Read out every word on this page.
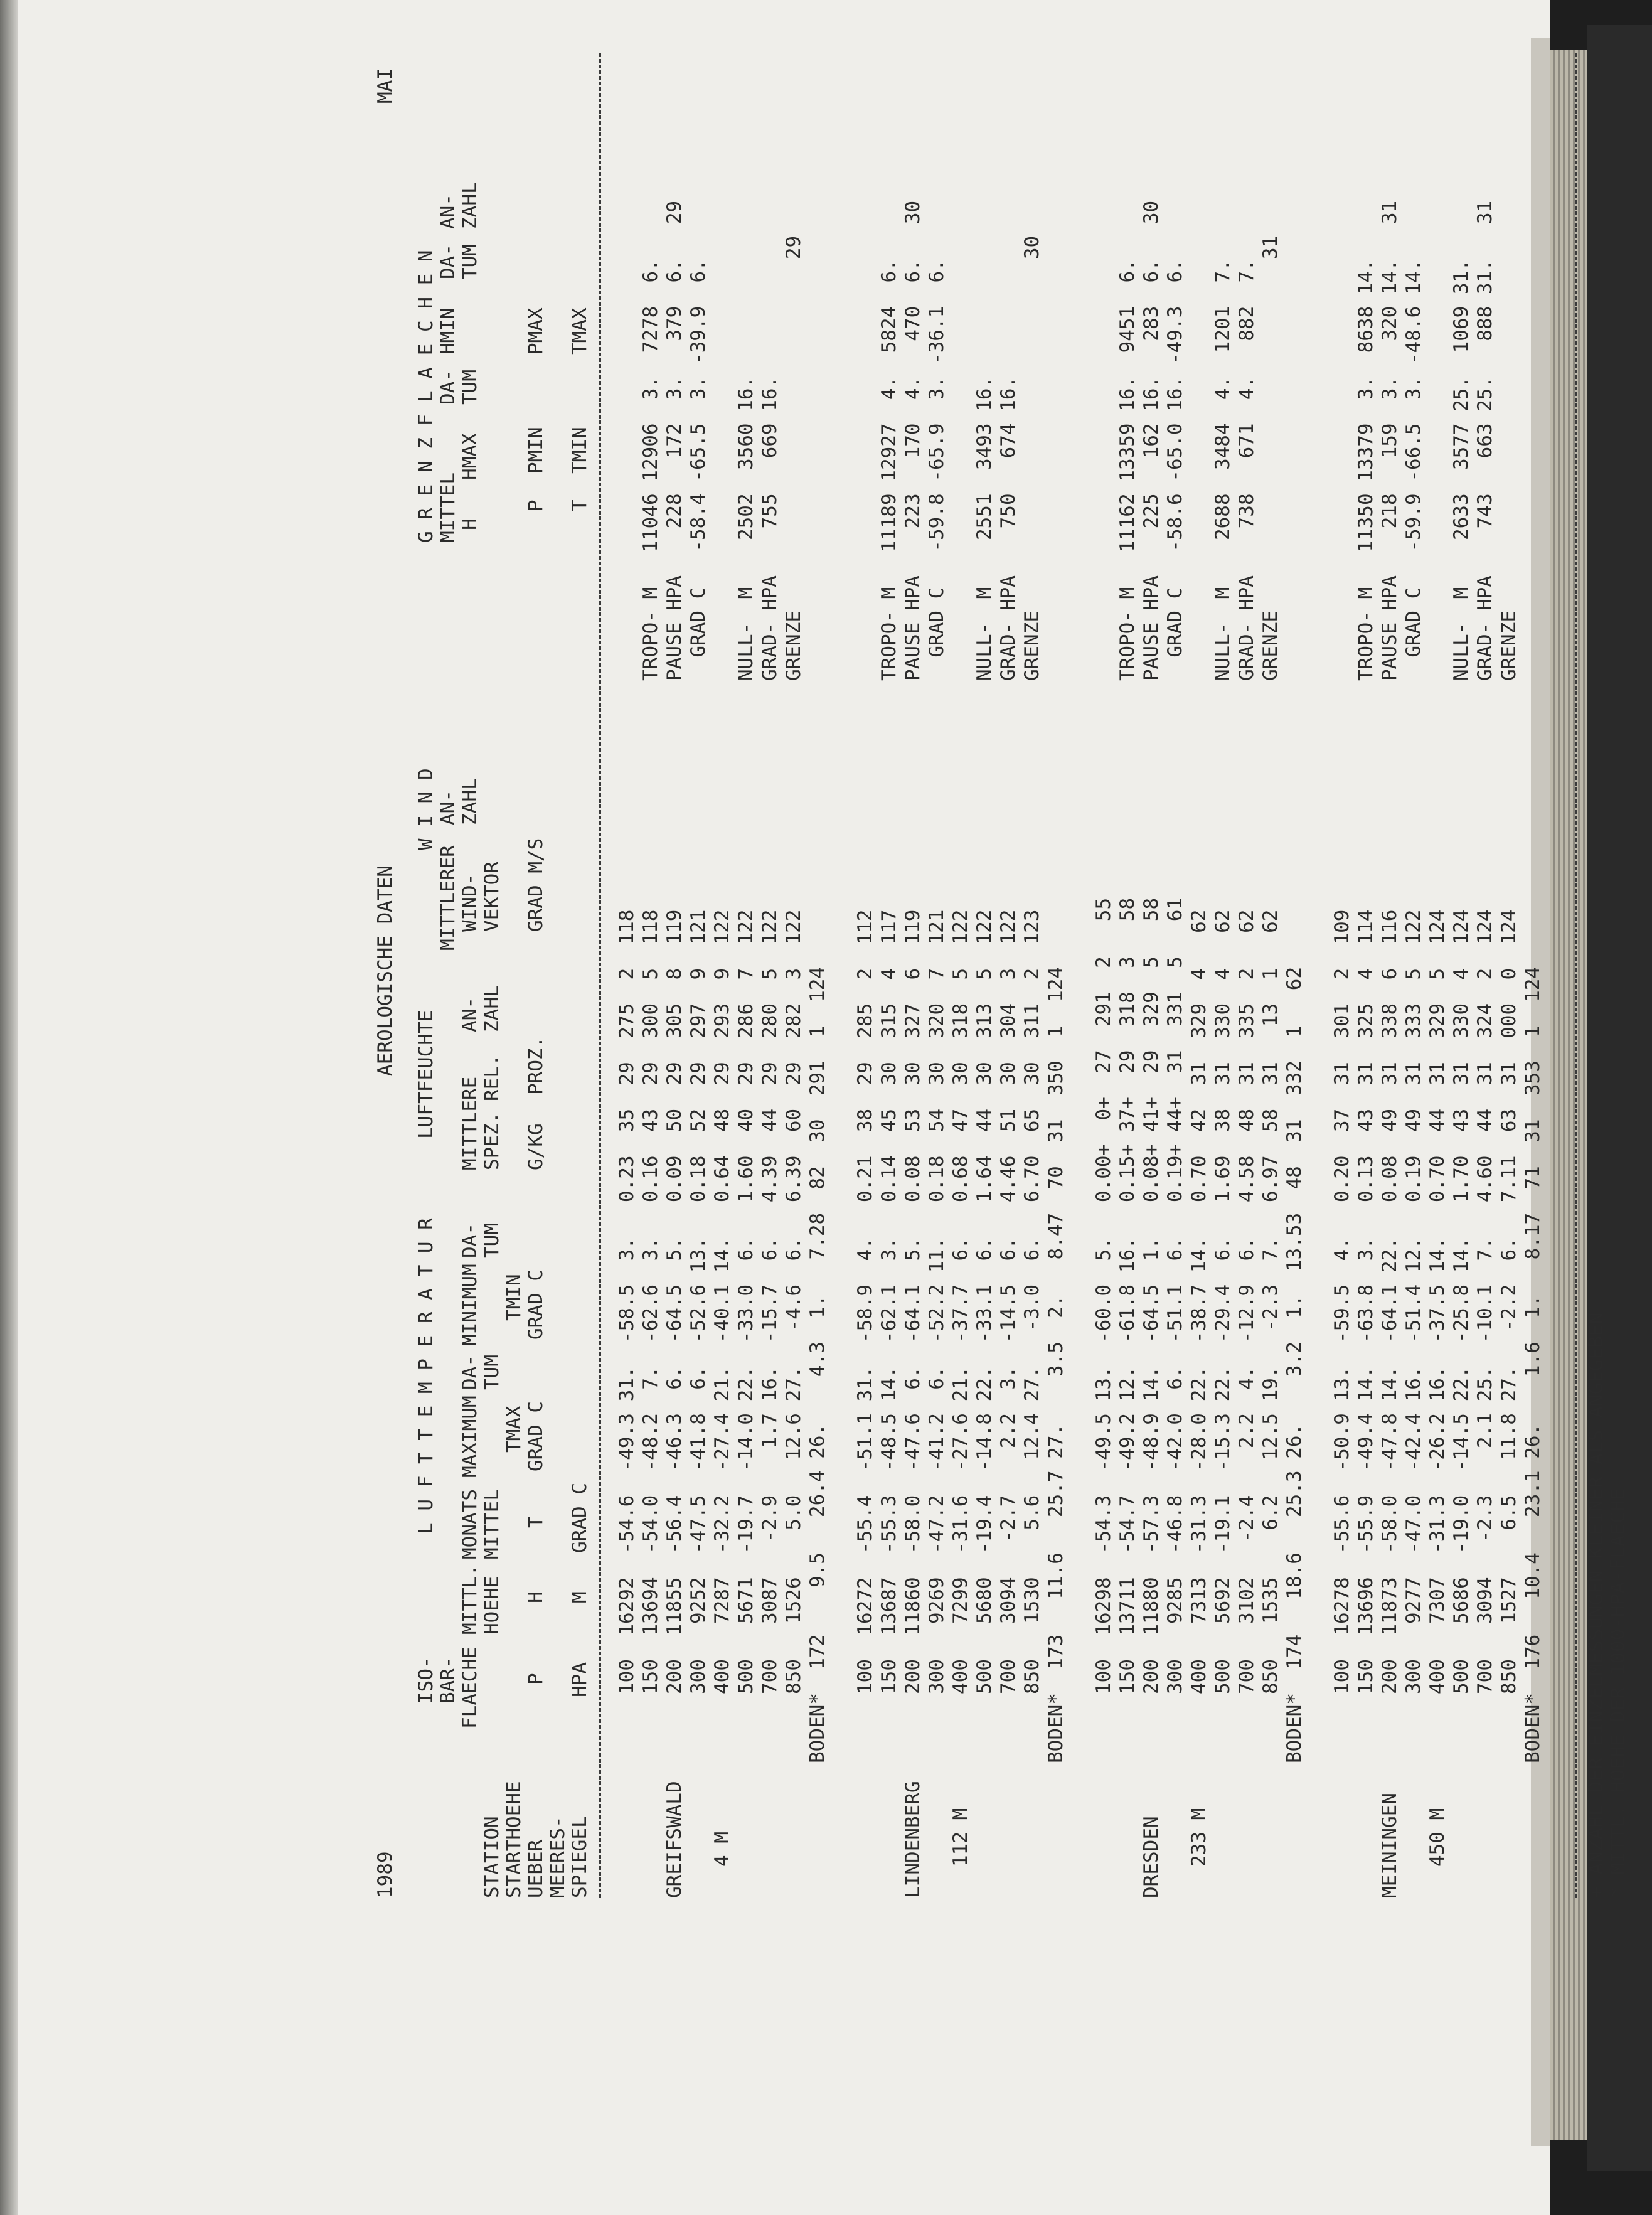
1989
AEROLOGISCHE DATEN
MAI
ISO- BAR- FLAECHE
L U F T T E M P E R A T U R
LUFTFEUCHTE
W I N D
G R E N Z F L A E C H E N
STATION
MITTL. HOEHE
MONATS MITTEL
MAXIMUM
DA- TUM
MINIMUM
DA- TUM
MITTLERE SPEZ.
REL.
AN- ZAHL
MITTLERER WIND- VEKTOR
AN- ZAHL
MITTEL H
HMAX
DA- TUM
HMIN
DA- TUM
AN- ZAHL
STARTHOEHE UEBER
P
H
T
TMAX
TMIN
P
PMIN
PMAX
MEERES- SPIEGEL
HPA
M
GRAD C
GRAD C
GRAD C
G/KG
PROZ.
GRAD M/S
T
TMIN
TMAX
GREIFSWALD 4 M
100  16292  -54.6  -49.3 31.  -58.5  3.   0.23  35  29  275  2  118 150  13694  -54.0  -48.2  7.  -62.6  3.   0.16  43  29  300  5  118 200  11855  -56.4  -46.3  6.  -64.5  5.   0.09  50  29  305  8  119 300   9252  -47.5  -41.8  6.  -52.6 13.   0.18  52  29  297  9  121 400   7287  -32.2  -27.4 21.  -40.1 14.   0.64  48  29  293  9  122 500   5671  -19.7  -14.0 22.  -33.0  6.   1.60  40  29  286  7  122 700   3087   -2.9    1.7 16.  -15.7  6.   4.39  44  29  280  5  122 850   1526    5.0   12.6 27.   -4.6  6.   6.39  60  29  282  3  122 BODEN*  172    9.5   26.4 26.    4.3  1.   7.28  82  30  291  1  124
TROPO- M   11046 12906  3.  7278  6. PAUSE HPA    228   172  3.   379  6.   29 GRAD C   -58.4 -65.5  3. -39.9  6. NULL-  M    2502  3560 16. GRAD- HPA    755   669 16. GRENZE                              29
LINDENBERG 112 M
100  16272  -55.4  -51.1 31.  -58.9  4.   0.21  38  29  285  2  112 150  13687  -55.3  -48.5 14.  -62.1  3.   0.14  45  30  315  4  117 200  11860  -58.0  -47.6  6.  -64.1  5.   0.08  53  30  327  6  119 300   9269  -47.2  -41.2  6.  -52.2 11.   0.18  54  30  320  7  121 400   7299  -31.6  -27.6 21.  -37.7  6.   0.68  47  30  318  5  122 500   5680  -19.4  -14.8 22.  -33.1  6.   1.64  44  30  313  5  122 700   3094   -2.7    2.2  3.  -14.5  6.   4.46  51  30  304  3  122 850   1530    5.6   12.4 27.   -3.0  6.   6.70  65  30  311  2  123 BODEN*  173   11.6   25.7 27.    3.5  2.   8.47  70  31  350  1  124
TROPO- M   11189 12927  4.  5824  6. PAUSE HPA    223   170  4.   470  6.   30 GRAD C   -59.8 -65.9  3. -36.1  6. NULL-  M    2551  3493 16. GRAD- HPA    750   674 16. GRENZE                              30
DRESDEN 233 M
100  16298  -54.3  -49.5 13.  -60.0  5.   0.00+  0+  27  291  2   55 150  13711  -54.7  -49.2 12.  -61.8 16.   0.15+ 37+  29  318  3   58 200  11880  -57.3  -48.9 14.  -64.5  1.   0.08+ 41+  29  329  5   58 300   9285  -46.8  -42.0  6.  -51.1  6.   0.19+ 44+  31  331  5   61 400   7313  -31.3  -28.0 22.  -38.7 14.   0.70  42  31  329  4   62 500   5692  -19.1  -15.3 22.  -29.4  6.   1.69  38  31  330  4   62 700   3102   -2.4    2.2  4.  -12.9  6.   4.58  48  31  335  2   62 850   1535    6.2   12.5 19.   -2.3  7.   6.97  58  31   13  1   62 BODEN*  174   18.6   25.3 26.    3.2  1.  13.53  48  31  332  1   62
TROPO- M   11162 13359 16.  9451  6. PAUSE HPA    225   162 16.   283  6.   30 GRAD C   -58.6 -65.0 16. -49.3  6. NULL-  M    2688  3484  4.  1201  7. GRAD- HPA    738   671  4.   882  7. GRENZE                              31
MEININGEN 450 M
100  16278  -55.6  -50.9 13.  -59.5  4.   0.20  37  31  301  2  109 150  13696  -55.9  -49.4 14.  -63.8  3.   0.13  43  31  325  4  114 200  11873  -58.0  -47.8 14.  -64.1 22.   0.08  49  31  338  6  116 300   9277  -47.0  -42.4 16.  -51.4 12.   0.19  49  31  333  5  122 400   7307  -31.3  -26.2 16.  -37.5 14.   0.70  44  31  329  5  124 500   5686  -19.0  -14.5 22.  -25.8 14.   1.70  43  31  330  4  124 700   3094   -2.3    2.1 25.  -10.1  7.   4.60  44  31  324  2  124 850   1527    6.5   11.8 27.   -2.2  6.   7.11  63  31  000  0  124 BODEN*  176   10.4   23.1 26.    1.6  1.   8.17  71  31  353  1  124
TROPO- M   11350 13379  3.  8638 14. PAUSE HPA    218   159  3.   320 14.   31 GRAD C   -59.9 -66.5  3. -48.6 14. NULL-  M    2633  3577 25.  1069 31. GRAD- HPA    743   663 25.   888 31.   31 GRENZE
+ ANZAHL DER EINZELMESSUNGEN KLEINER ALS ANGEGEBEN * MITTL. HOEHE DER 1000-HPA-FLAECHE
